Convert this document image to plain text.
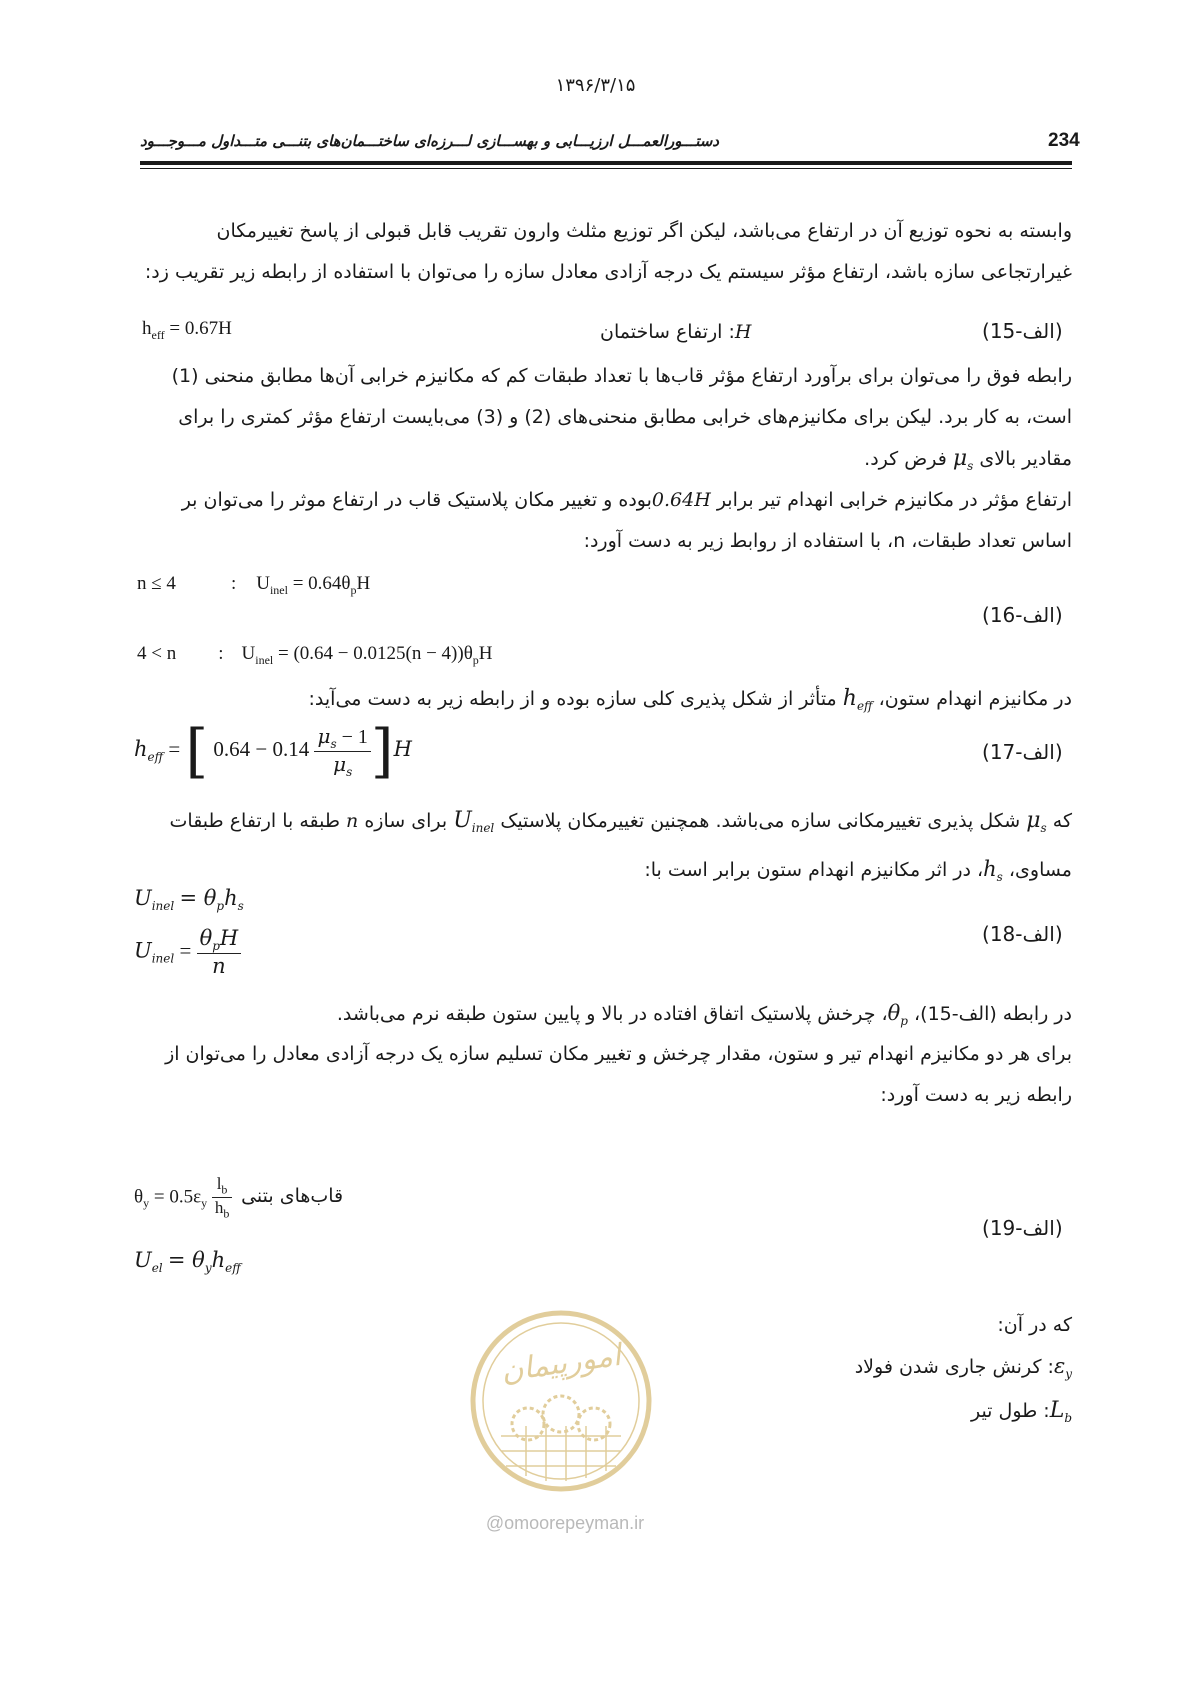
۱۳۹۶/۳/۱۵
234
دستـــورالعمـــل ارزیـــابی و بهســـازی لـــرزه‌ای ساختـــمان‌های بتنـــی متـــداول مـــوجـــود
وابسته به نحوه توزیع آن در ارتفاع می‌باشد، لیکن اگر توزیع مثلث وارون تقریب قابل قبولی از پاسخ تغییرمکان
غیرارتجاعی سازه باشد، ارتفاع مؤثر سیستم یک درجه آزادی معادل سازه را می‌توان با استفاده از رابطه زیر تقریب زد:
$h_{eff} = 0.67H$	H: ارتفاع ساختمان	(الف-15)
رابطه فوق را می‌توان برای برآورد ارتفاع مؤثر قاب‌ها با تعداد طبقات کم که مکانیزم خرابی آن‌ها مطابق منحنی (1)
است، به کار برد. لیکن برای مکانیزم‌های خرابی مطابق منحنی‌های (2) و (3) می‌بایست ارتفاع مؤثر کمتری را برای
مقادیر بالای $\mu_s$ فرض کرد.
ارتفاع مؤثر در مکانیزم خرابی انهدام تیر برابر 0.64Hبوده و تغییر مکان پلاستیک قاب در ارتفاع موثر را می‌توان بر
اساس تعداد طبقات، n، با استفاده از روابط زیر به دست آورد:
n ≤ 4	: $U_{inel} = 0.64\theta_pH$
4 < n : $U_{inel} = (0.64 - 0.0125(n - 4))\theta_pH$
(الف-16)
در مکانیزم انهدام ستون، $h_{eff}$ متأثر از شکل پذیری کلی سازه بوده و از رابطه زیر به دست می‌آید:
$h_{eff}$ = [ $0.64 - 0.14 \frac{\mu_s - 1}{\mu_s} ]H$	(الف-17)
که $\mu_s$ شکل پذیری تغییرمکانی سازه می‌باشد. همچنین تغییرمکان پلاستیک $U_{inel}$ برای سازه n طبقه با ارتفاع طبقات
مساوی، $h_s،$ در اثر مکانیزم انهدام ستون برابر است با:
$U_{inel} = \theta_ph_s$
$U_{inel} = \frac{\theta_pH}{n}$	(الف-18)
در رابطه (الف-15)، $\theta_p،$ چرخش پلاستیک اتفاق افتاده در بالا و پایین ستون طبقه نرم می‌باشد.
برای هر دو مکانیزم انهدام تیر و ستون، مقدار چرخش و تغییر مکان تسلیم سازه یک درجه آزادی معادل را می‌توان از
رابطه زیر به دست آورد:
$\theta_y = 0.5\varepsilon_y \frac{l_b}{h_b}$ قاب‌های بتنی
$U_{el} = \theta_yh_{eff}$
(الف-19)
که در آن:
$\varepsilon_y$: کرنش جاری شدن فولاد
$L_b$: طول تیر
امورپیمان
@omoorepeyman.ir
